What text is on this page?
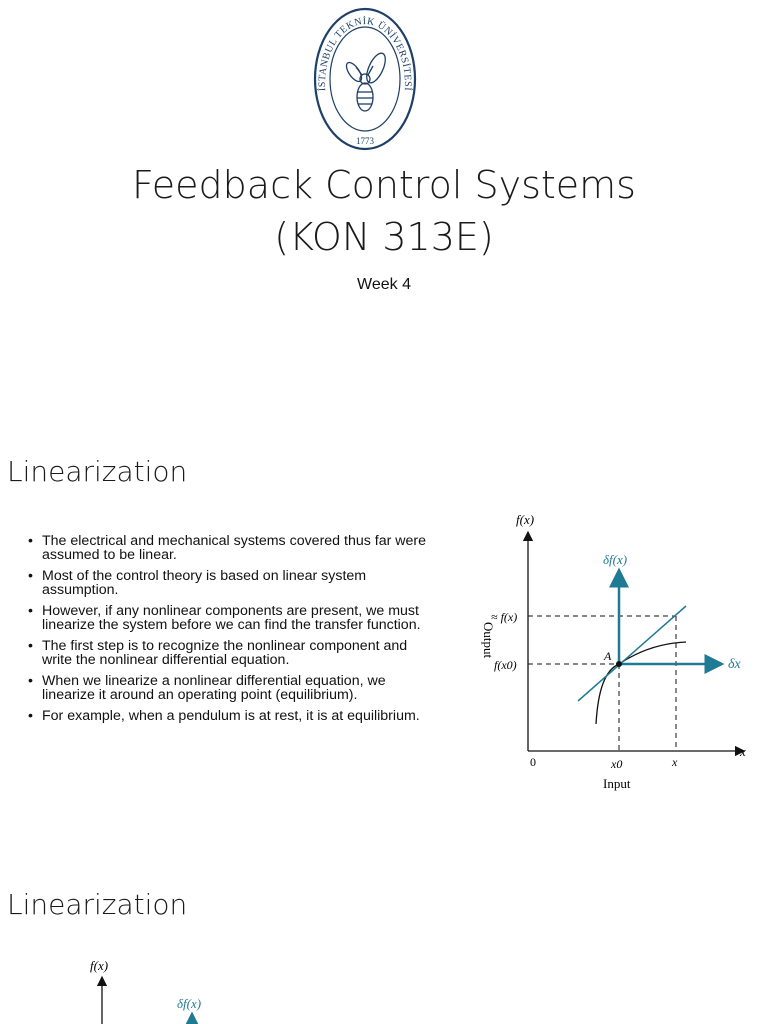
İSTANBUL TEKNİK ÜNİVERSİTESİ
1773
Feedback Control Systems
(KON 313E)
Week 4
Linearization
• The electrical and mechanical systems covered thus far were assumed to be linear.
• Most of the control theory is based on linear system assumption.
• However, if any nonlinear components are present, we must linearize the system before we can find the transfer function.
• The first step is to recognize the nonlinear component and write the nonlinear differential equation.
• When we linearize a nonlinear differential equation, we linearize it around an operating point (equilibrium).
• For example, when a pendulum is at rest, it is at equilibrium.
f(x)
δf(x)
≈ f(x)
f(x0)
A
δx
x
0	x0	x
Input
Output
Linearization
f(x)
δf(x)
